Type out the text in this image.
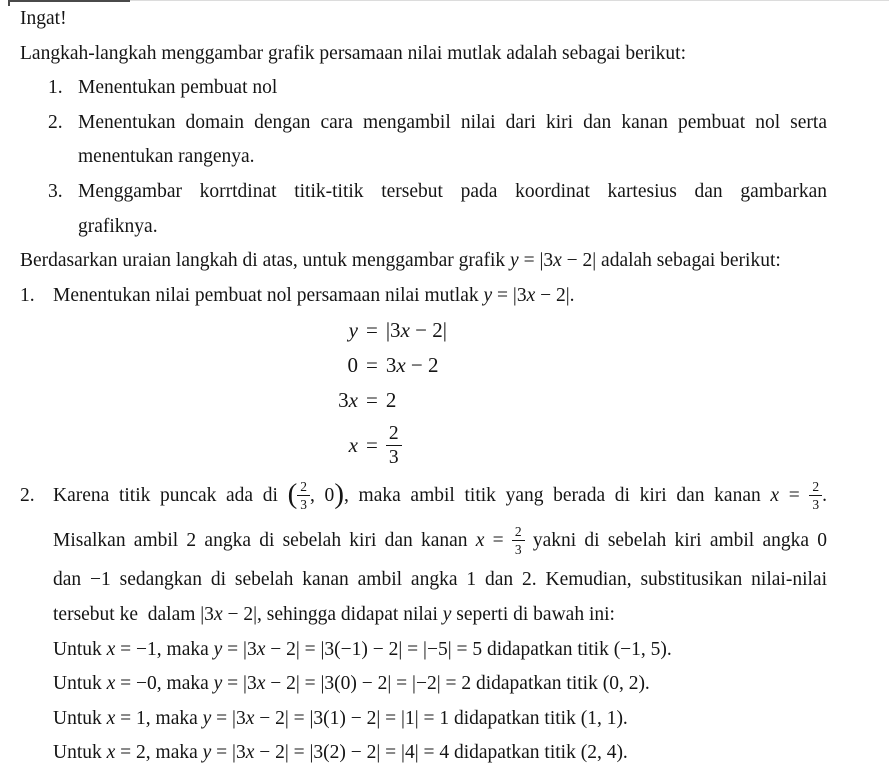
Ingat!
Langkah-langkah menggambar grafik persamaan nilai mutlak adalah sebagai berikut:
1. Menentukan pembuat nol
2. Menentukan domain dengan cara mengambil nilai dari kiri dan kanan pembuat nol serta
menentukan rangenya.
3. Menggambar korrtdinat titik-titik tersebut pada koordinat kartesius dan gambarkan
grafiknya.
Berdasarkan uraian langkah di atas, untuk menggambar grafik y = |3x − 2| adalah sebagai berikut:
1. Menentukan nilai pembuat nol persamaan nilai mutlak y = |3x − 2|.
y = |3x − 2|
0 = 3x − 2
3x = 2
$x = \frac{2}{3}$
2. Karena titik puncak ada di ( $\frac{2}{3}$ , 0), maka ambil titik yang berada di kiri dan kanan $x = \frac{2}{3}$ .
Misalkan ambil 2 angka di sebelah kiri dan kanan $x = \frac{2}{3}$ yakni di sebelah kiri ambil angka 0
dan −1 sedangkan di sebelah kanan ambil angka 1 dan 2. Kemudian, substitusikan nilai-nilai
tersebut ke  dalam |3x − 2|, sehingga didapat nilai y seperti di bawah ini:
Untuk x = −1, maka y = |3x − 2| = |3(−1) − 2| = |−5| = 5 didapatkan titik (−1, 5).
Untuk x = −0, maka y = |3x − 2| = |3(0) − 2| = |−2| = 2 didapatkan titik (0, 2).
Untuk x = 1, maka y = |3x − 2| = |3(1) − 2| = |1| = 1 didapatkan titik (1, 1).
Untuk x = 2, maka y = |3x − 2| = |3(2) − 2| = |4| = 4 didapatkan titik (2, 4).
